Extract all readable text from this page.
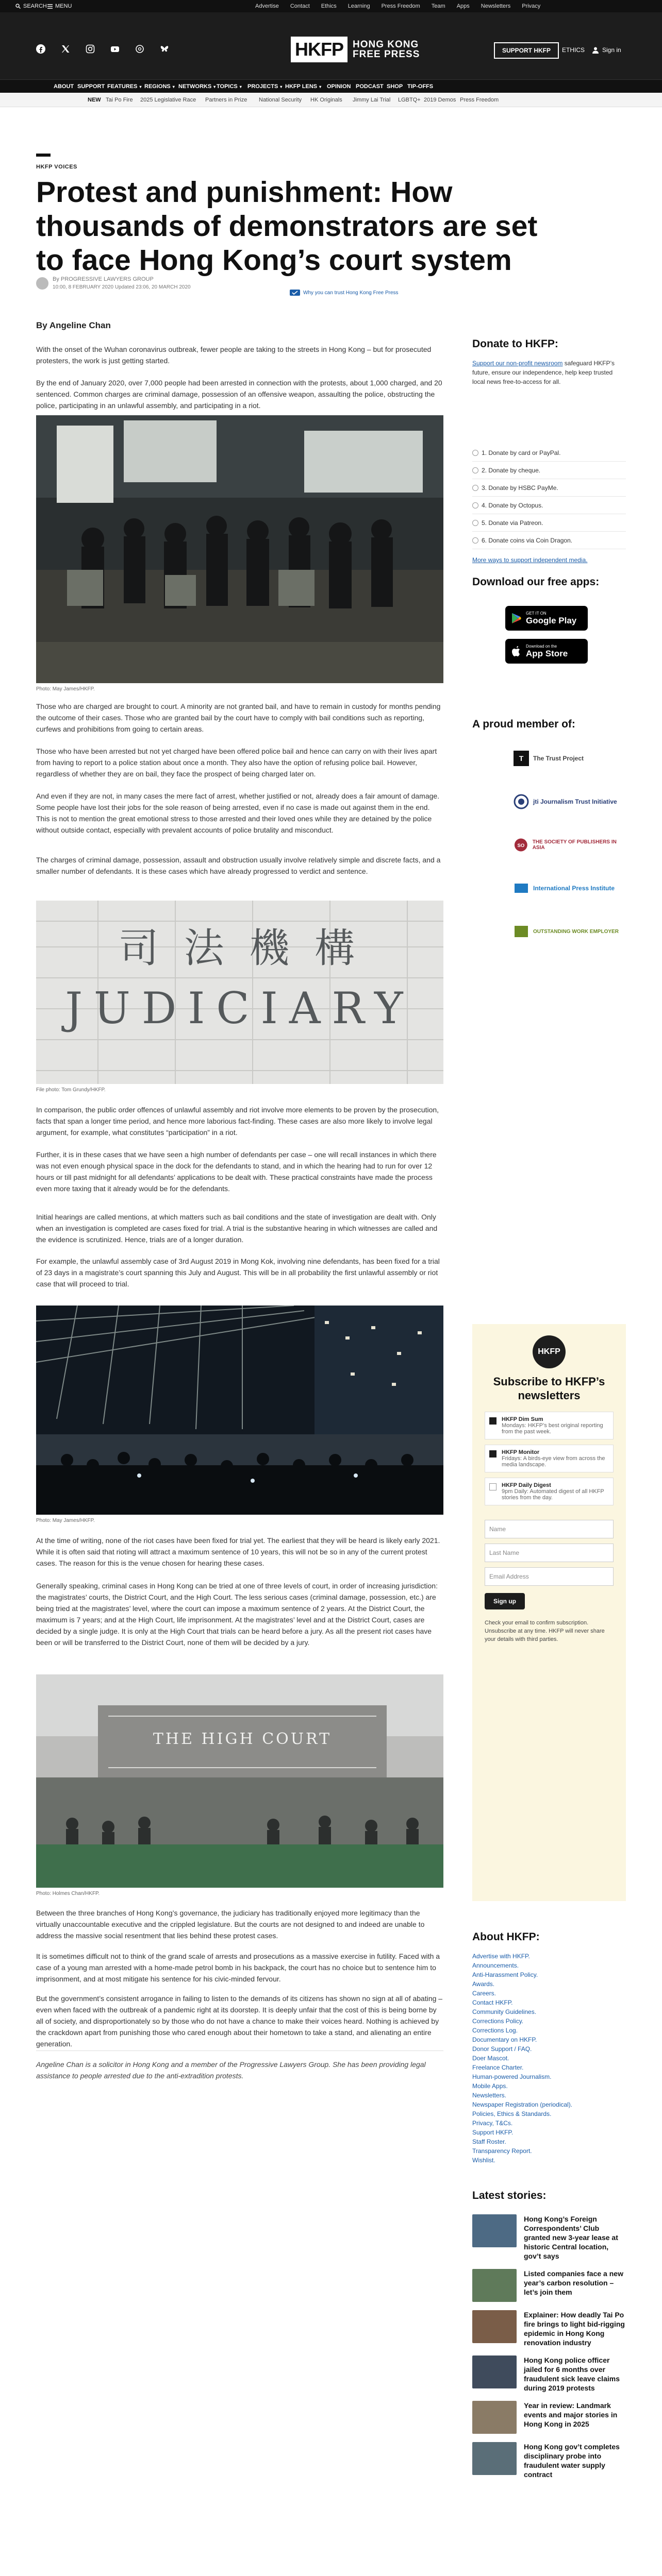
SEARCH MENU	Advertise Contact Ethics Learning Press Freedom Team Apps Newsletters Privacy
HKFP HONG KONG
FREE PRESS	SUPPORT HKFP	ETHICS	Sign in
ABOUT SUPPORT FEATURES ▾ REGIONS ▾ NETWORKS ▾ TOPICS ▾ PROJECTS ▾ HKFP LENS ▾ OPINION PODCAST SHOP TIP-OFFS
NEW Tai Po Fire 2025 Legislative Race Partners in Prize National Security HK Originals Jimmy Lai Trial LGBTQ+ 2019 Demos Press Freedom
HKFP VOICES
Protest and punishment: How thousands of demonstrators are set to face Hong Kong’s court system
By PROGRESSIVE LAWYERS GROUP
10:00, 8 FEBRUARY 2020 Updated 23:06, 20 MARCH 2020
Why you can trust Hong Kong Free Press
By Angeline Chan
With the onset of the Wuhan coronavirus outbreak, fewer people are taking to the streets in Hong Kong – but for prosecuted protesters, the work is just getting started.
By the end of January 2020, over 7,000 people had been arrested in connection with the protests, about 1,000 charged, and 20 sentenced. Common charges are criminal damage, possession of an offensive weapon, assaulting the police, obstructing the police, participating in an unlawful assembly, and participating in a riot.
Photo: May James/HKFP.
Those who are charged are brought to court. A minority are not granted bail, and have to remain in custody for months pending the outcome of their cases. Those who are granted bail by the court have to comply with bail conditions such as reporting, curfews and prohibitions from going to certain areas.
Those who have been arrested but not yet charged have been offered police bail and hence can carry on with their lives apart from having to report to a police station about once a month. They also have the option of refusing police bail. However, regardless of whether they are on bail, they face the prospect of being charged later on.
And even if they are not, in many cases the mere fact of arrest, whether justified or not, already does a fair amount of damage. Some people have lost their jobs for the sole reason of being arrested, even if no case is made out against them in the end. This is not to mention the great emotional stress to those arrested and their loved ones while they are detained by the police without outside contact, especially with prevalent accounts of police brutality and misconduct.
The charges of criminal damage, possession, assault and obstruction usually involve relatively simple and discrete facts, and a smaller number of defendants. It is these cases which have already progressed to verdict and sentence.
司 法 機 構
JUDICIARY
File photo: Tom Grundy/HKFP.
In comparison, the public order offences of unlawful assembly and riot involve more elements to be proven by the prosecution, facts that span a longer time period, and hence more laborious fact-finding. These cases are also more likely to involve legal argument, for example, what constitutes “participation” in a riot.
Further, it is in these cases that we have seen a high number of defendants per case – one will recall instances in which there was not even enough physical space in the dock for the defendants to stand, and in which the hearing had to run for over 12 hours or till past midnight for all defendants’ applications to be dealt with. These practical constraints have made the process even more taxing that it already would be for the defendants.
Initial hearings are called mentions, at which matters such as bail conditions and the state of investigation are dealt with. Only when an investigation is completed are cases fixed for trial. A trial is the substantive hearing in which witnesses are called and the evidence is scrutinized. Hence, trials are of a longer duration.
For example, the unlawful assembly case of 3rd August 2019 in Mong Kok, involving nine defendants, has been fixed for a trial of 23 days in a magistrate’s court spanning this July and August. This will be in all probability the first unlawful assembly or riot case that will proceed to trial.
Photo: May James/HKFP.
At the time of writing, none of the riot cases have been fixed for trial yet. The earliest that they will be heard is likely early 2021. While it is often said that rioting will attract a maximum sentence of 10 years, this will not be so in any of the current protest cases. The reason for this is the venue chosen for hearing these cases.
Generally speaking, criminal cases in Hong Kong can be tried at one of three levels of court, in order of increasing jurisdiction: the magistrates’ courts, the District Court, and the High Court. The less serious cases (criminal damage, possession, etc.) are being tried at the magistrates’ level, where the court can impose a maximum sentence of 2 years. At the District Court, the maximum is 7 years; and at the High Court, life imprisonment. At the magistrates’ level and at the District Court, cases are decided by a single judge. It is only at the High Court that trials can be heard before a jury. As all the present riot cases have been or will be transferred to the District Court, none of them will be decided by a jury.
THE HIGH COURT
Photo: Holmes Chan/HKFP.
Between the three branches of Hong Kong’s governance, the judiciary has traditionally enjoyed more legitimacy than the virtually unaccountable executive and the crippled legislature. But the courts are not designed to and indeed are unable to address the massive social resentment that lies behind these protest cases.
It is sometimes difficult not to think of the grand scale of arrests and prosecutions as a massive exercise in futility. Faced with a case of a young man arrested with a home-made petrol bomb in his backpack, the court has no choice but to sentence him to imprisonment, and at most mitigate his sentence for his civic-minded fervour.
But the government’s consistent arrogance in failing to listen to the demands of its citizens has shown no sign at all of abating – even when faced with the outbreak of a pandemic right at its doorstep. It is deeply unfair that the cost of this is being borne by all of society, and disproportionately so by those who do not have a chance to make their voices heard. Nothing is achieved by the crackdown apart from punishing those who cared enough about their hometown to take a stand, and alienating an entire generation.
Angeline Chan is a solicitor in Hong Kong and a member of the Progressive Lawyers Group. She has been providing legal assistance to people arrested due to the anti-extradition protests.
Donate to HKFP:
Support our non-profit newsroom safeguard HKFP’s future, ensure our independence, help keep trusted local news free-to-access for all.
1. Donate by card or PayPal.
2. Donate by cheque.
3. Donate by HSBC PayMe.
4. Donate by Octopus.
5. Donate via Patreon.
6. Donate coins via Coin Dragon.
More ways to support independent media.
Download our free apps:
GET IT ON
Google Play
Download on the
App Store
A proud member of:
T The Trust Project
jti Journalism Trust Initiative
SO
THE SOCIETY OF PUBLISHERS IN ASIA
International Press Institute
OUTSTANDING WORK EMPLOYER
HKFP
Subscribe to HKFP’s newsletters
HKFP Dim Sum
Mondays: HKFP’s best original reporting from the past week.
HKFP Monitor
Fridays: A birds-eye view from across the media landscape.
HKFP Daily Digest
9pm Daily: Automated digest of all HKFP stories from the day.
Name
Last Name
Email Address
Sign up
Check your email to confirm subscription. Unsubscribe at any time. HKFP will never share your details with third parties.
About HKFP:
Advertise with HKFP.
Announcements.
Anti-Harassment Policy.
Awards.
Careers.
Contact HKFP.
Community Guidelines.
Corrections Policy.
Corrections Log.
Documentary on HKFP.
Donor Support / FAQ.
Doer Mascot.
Freelance Charter.
Human-powered Journalism.
Mobile Apps.
Newsletters.
Newspaper Registration (periodical).
Policies, Ethics & Standards.
Privacy, T&Cs.
Support HKFP.
Staff Roster.
Transparency Report.
Wishlist.
Latest stories:
Hong Kong’s Foreign Correspondents’ Club granted new 3-year lease at historic Central location, gov’t says
Listed companies face a new year’s carbon resolution – let’s join them
Explainer: How deadly Tai Po fire brings to light bid-rigging epidemic in Hong Kong renovation industry
Hong Kong police officer jailed for 6 months over fraudulent sick leave claims during 2019 protests
Year in review: Landmark events and major stories in Hong Kong in 2025
Hong Kong gov’t completes disciplinary probe into fraudulent water supply contract
